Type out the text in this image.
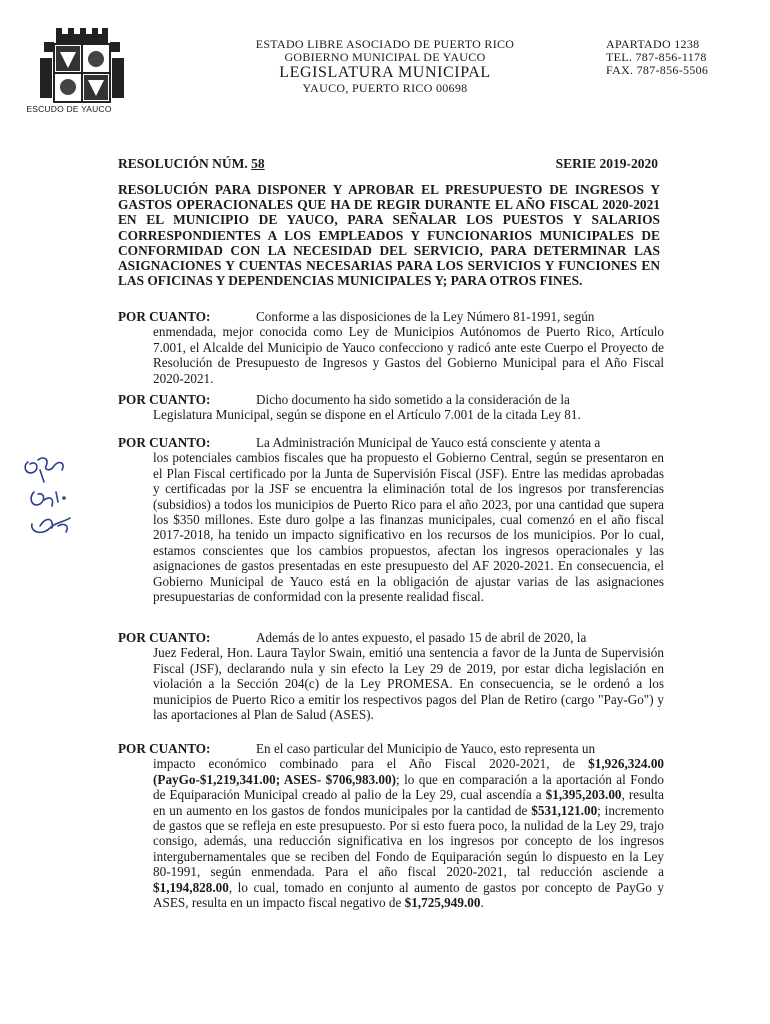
ESCUDO DE YAUCO
ESTADO LIBRE ASOCIADO DE PUERTO RICO
GOBIERNO MUNICIPAL DE YAUCO
LEGISLATURA MUNICIPAL
YAUCO, PUERTO RICO 00698
APARTADO 1238
TEL. 787-856-1178
FAX. 787-856-5506
RESOLUCIÓN NÚM. 58	SERIE 2019-2020
RESOLUCIÓN PARA DISPONER Y APROBAR EL PRESUPUESTO DE INGRESOS Y GASTOS OPERACIONALES QUE HA DE REGIR DURANTE EL AÑO FISCAL 2020-2021 EN EL MUNICIPIO DE YAUCO, PARA SEÑALAR LOS PUESTOS Y SALARIOS CORRESPONDIENTES A LOS EMPLEADOS Y FUNCIONARIOS MUNICIPALES DE CONFORMIDAD CON LA NECESIDAD DEL SERVICIO, PARA DETERMINAR LAS ASIGNACIONES Y CUENTAS NECESARIAS PARA LOS SERVICIOS Y FUNCIONES EN LAS OFICINAS Y DEPENDENCIAS MUNICIPALES Y; PARA OTROS FINES.
POR CUANTO:	Conforme a las disposiciones de la Ley Número 81-1991, según
enmendada, mejor conocida como Ley de Municipios Autónomos de Puerto Rico, Artículo 7.001, el Alcalde del Municipio de Yauco confecciono y radicó ante este Cuerpo el Proyecto de Resolución de Presupuesto de Ingresos y Gastos del Gobierno Municipal para el Año Fiscal 2020-2021.
POR CUANTO:	Dicho documento ha sido sometido a la consideración de la
Legislatura Municipal, según se dispone en el Artículo 7.001 de la citada Ley 81.
POR CUANTO:	La Administración Municipal de Yauco está consciente y atenta a
los potenciales cambios fiscales que ha propuesto el Gobierno Central, según se presentaron en el Plan Fiscal certificado por la Junta de Supervisión Fiscal (JSF). Entre las medidas aprobadas y certificadas por la JSF se encuentra la eliminación total de los ingresos por transferencias (subsidios) a todos los municipios de Puerto Rico para el año 2023, por una cantidad que supera los $350 millones. Este duro golpe a las finanzas municipales, cual comenzó en el año fiscal 2017-2018, ha tenido un impacto significativo en los recursos de los municipios. Por lo cual, estamos conscientes que los cambios propuestos, afectan los ingresos operacionales y las asignaciones de gastos presentadas en este presupuesto del AF 2020-2021. En consecuencia, el Gobierno Municipal de Yauco está en la obligación de ajustar varias de las asignaciones presupuestarias de conformidad con la presente realidad fiscal.
POR CUANTO:	Además de lo antes expuesto, el pasado 15 de abril de 2020, la
Juez Federal, Hon. Laura Taylor Swain, emitió una sentencia a favor de la Junta de Supervisión Fiscal (JSF), declarando nula y sin efecto la Ley 29 de 2019, por estar dicha legislación en violación a la Sección 204(c) de la Ley PROMESA. En consecuencia, se le ordenó a los municipios de Puerto Rico a emitir los respectivos pagos del Plan de Retiro (cargo "Pay-Go") y las aportaciones al Plan de Salud (ASES).
POR CUANTO:	En el caso particular del Municipio de Yauco, esto representa un
impacto económico combinado para el Año Fiscal 2020-2021, de $1,926,324.00 (PayGo-$1,219,341.00; ASES- $706,983.00); lo que en comparación a la aportación al Fondo de Equiparación Municipal creado al palio de la Ley 29, cual ascendía a $1,395,203.00, resulta en un aumento en los gastos de fondos municipales por la cantidad de $531,121.00; incremento de gastos que se refleja en este presupuesto. Por si esto fuera poco, la nulidad de la Ley 29, trajo consigo, además, una reducción significativa en los ingresos por concepto de los ingresos intergubernamentales que se reciben del Fondo de Equiparación según lo dispuesto en la Ley 80-1991, según enmendada. Para el año fiscal 2020-2021, tal reducción asciende a $1,194,828.00, lo cual, tomado en conjunto al aumento de gastos por concepto de PayGo y ASES, resulta en un impacto fiscal negativo de $1,725,949.00.
